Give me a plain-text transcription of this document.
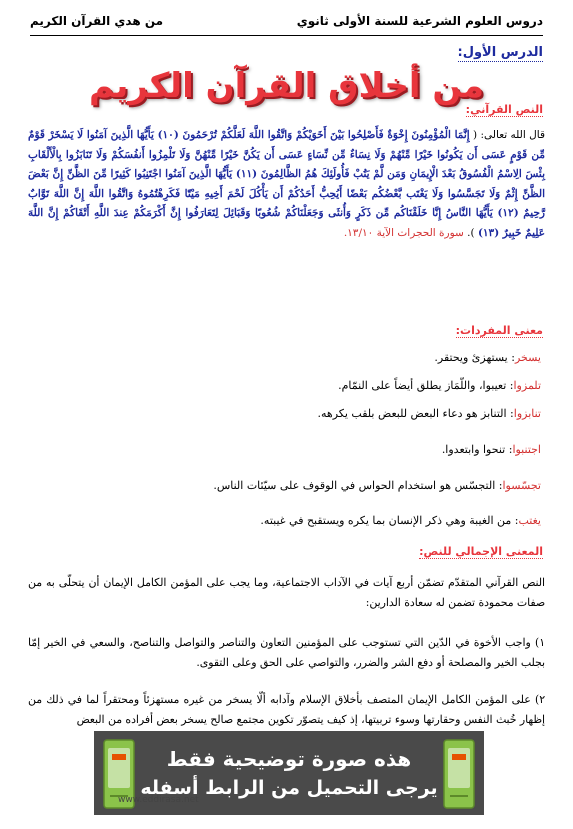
دروس العلوم الشرعية للسنة الأولى ثانوي
من هدي القرآن الكريم
الدرس الأول:
من أخلاق القرآن الكريم
النص القرآني:
قال الله تعالى: ( إِنَّمَا الْمُؤْمِنُونَ إِخْوَةٌ فَأَصْلِحُوا بَيْنَ أَخَوَيْكُمْ وَاتَّقُوا اللَّهَ لَعَلَّكُمْ تُرْحَمُونَ (١٠) يَأَيُّهَا الَّذِينَ آمَنُوا لَا يَسْخَرْ قَوْمٌ مِّن قَوْمٍ عَسَى أَن يَكُونُوا خَيْرًا مِّنْهُمْ وَلَا نِسَاءٌ مِّن نِّسَاءٍ عَسَى أَن يَكُنَّ خَيْرًا مِّنْهُنَّ وَلَا تَلْمِزُوا أَنفُسَكُمْ وَلَا تَنَابَزُوا بِالْأَلْقَابِ بِئْسَ الِاسْمُ الْفُسُوقُ بَعْدَ الْإِيمَانِ وَمَن لَّمْ يَتُبْ فَأُولَئِكَ هُمُ الظَّالِمُونَ (١١) يَأَيُّهَا الَّذِينَ آمَنُوا اجْتَنِبُوا كَثِيرًا مِّنَ الظَّنِّ إِنَّ بَعْضَ الظَّنِّ إِثْمٌ وَلَا تَجَسَّسُوا وَلَا يَغْتَب بَّعْضُكُم بَعْضًا أَيُحِبُّ أَحَدُكُمْ أَن يَأْكُلَ لَحْمَ أَخِيهِ مَيْتًا فَكَرِهْتُمُوهُ وَاتَّقُوا اللَّهَ إِنَّ اللَّهَ تَوَّابٌ رَّحِيمٌ (١٢) يَأَيُّهَا النَّاسُ إِنَّا خَلَقْنَاكُم مِّن ذَكَرٍ وَأُنثَى وَجَعَلْنَاكُمْ شُعُوبًا وَقَبَائِلَ لِتَعَارَفُوا إِنَّ أَكْرَمَكُمْ عِندَ اللَّهِ أَتْقَاكُمْ إِنَّ اللَّهَ عَلِيمٌ خَبِيرٌ (١٣) ). سورة الحجرات الآية ١٣/١٠.
معنى المفردات:
يسخر: يستهزئ ويحتقر.
تلمزوا: تعيبوا، واللّمَاز يطلق أيضاً على النمّام.
تنابزوا: التنابز هو دعاء البعض للبعض بلقب يكرهه.
اجتنبوا: تنحوا وابتعدوا.
تجسّسوا: التجسّس هو استخدام الحواس في الوقوف على سيّئات الناس.
يغتب: من الغيبة وهي ذكر الإنسان بما يكره ويستقبح في غيبته.
المعنى الإجمالي للنص:
النص القرآني المتقدّم تضمّن أربع آيات في الآداب الاجتماعية، وما يجب على المؤمن الكامل الإيمان أن يتحلّى به من صفات محمودة تضمن له سعادة الدارين:
١) واجب الأخوة في الدّين التي تستوجب على المؤمنين التعاون والتناصر والتواصل والتناصح، والسعي في الخير إمّا بجلب الخير والمصلحة أو دفع الشر والضرر، والتواصي على الحق وعلى التقوى.
٢) على المؤمن الكامل الإيمان المتصف بأخلاق الإسلام وآدابه ألّا يسخر من غيره مستهزئاً ومحتقراً لما في ذلك من إظهار خُبث النفس وحقارتها وسوء تربيتها، إذ كيف يتصوّر تكوين مجتمع صالح يسخر بعض أفراده من البعض
هذه صورة توضيحية فقط
يرجى التحميل من الرابط أسفله
www.eddirasa.net
